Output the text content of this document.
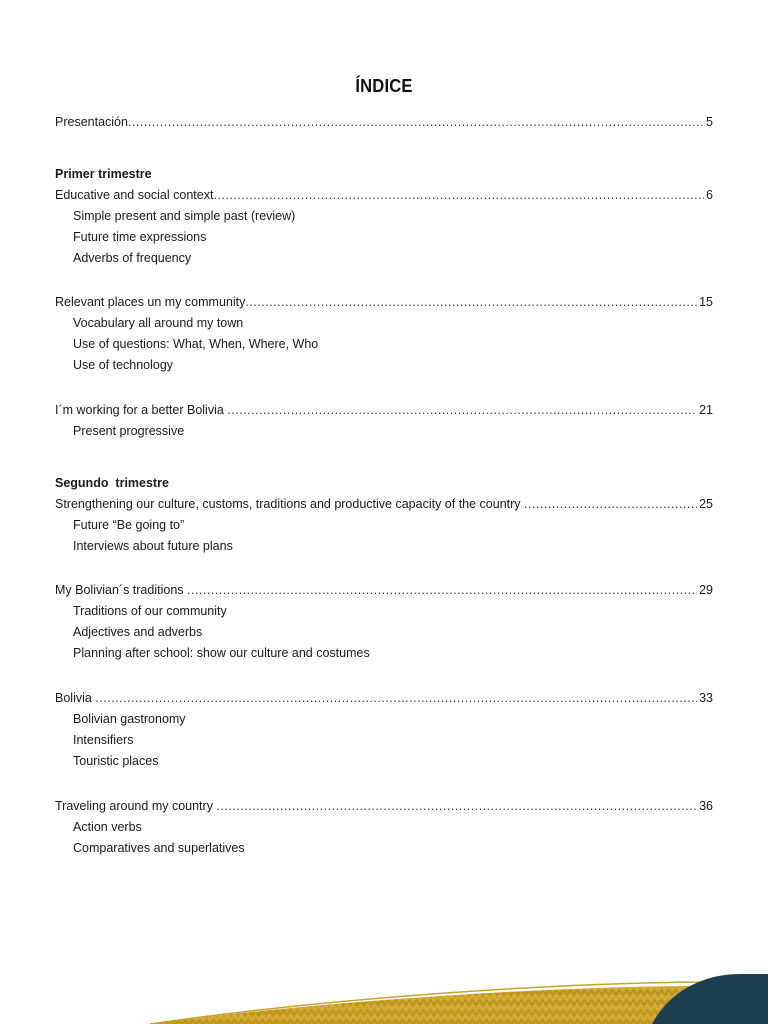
ÍNDICE
Presentación .....	5
Primer trimestre
Educative and social context .....	6
Simple present and simple past (review)
Future time expressions
Adverbs of frequency
Relevant places un my community .....	15
Vocabulary all around my town
Use of questions: What, When, Where, Who
Use of technology
I´m working for a better Bolivia .....	21
Present progressive
Segundo  trimestre
Strengthening our culture, customs, traditions and productive capacity of the country .....	25
Future “Be going to”
Interviews about future plans
My Bolivian´s traditions .....	29
Traditions of our community
Adjectives and adverbs
Planning after school: show our culture and costumes
Bolivia .....	33
Bolivian gastronomy
Intensifiers
Touristic places
Traveling around my country .....	36
Action verbs
Comparatives and superlatives
